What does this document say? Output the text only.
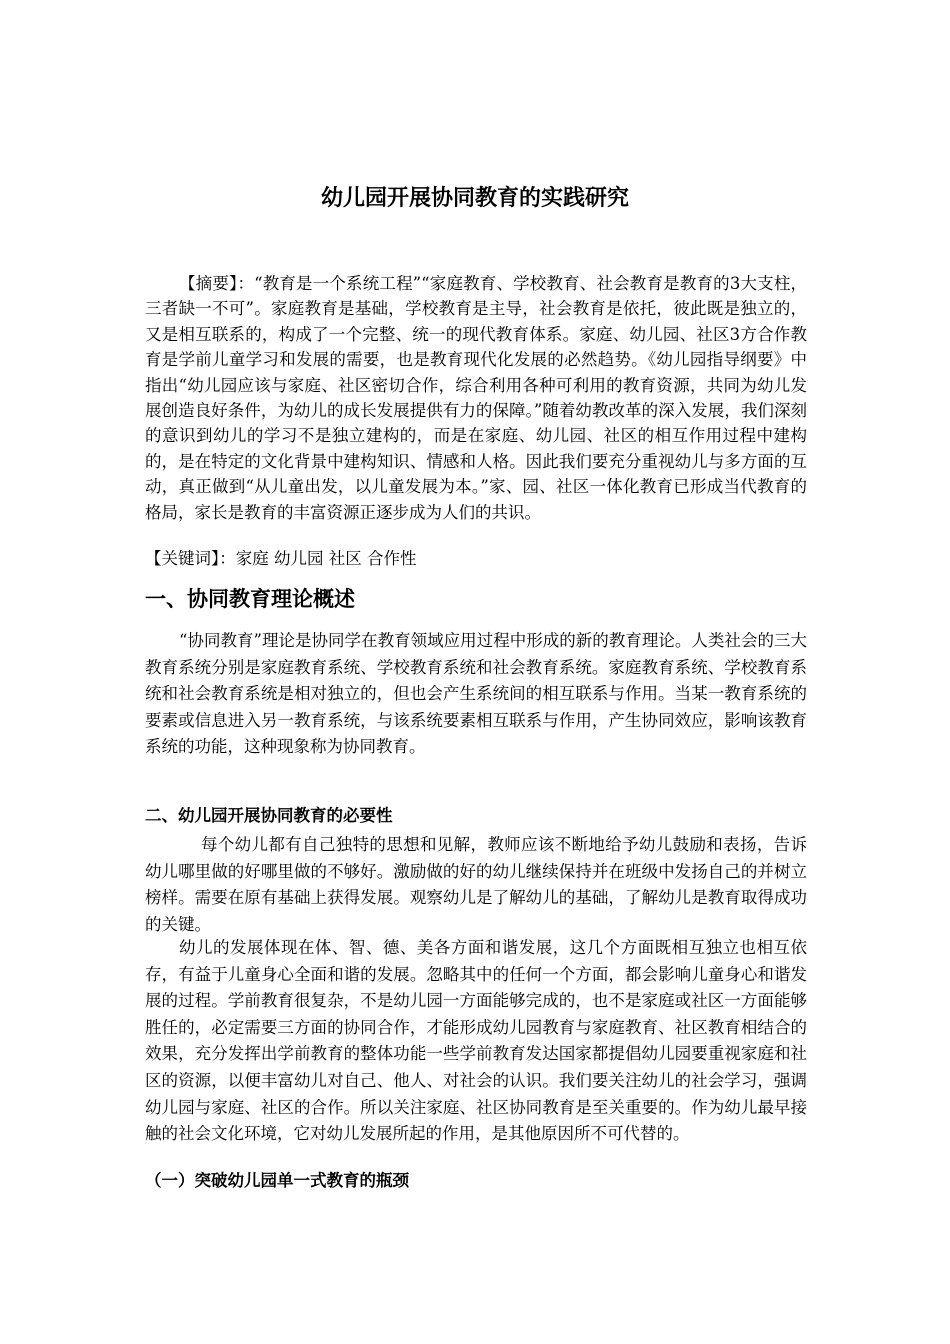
幼儿园开展协同教育的实践研究

【摘要】：“教育是一个系统工程”“家庭教育、学校教育、社会教育是教育的3大支柱，三者缺一不可”。家庭教育是基础，学校教育是主导，社会教育是依托，彼此既是独立的，又是相互联系的，构成了一个完整、统一的现代教育体系。家庭、幼儿园、社区3方合作教育是学前儿童学习和发展的需要，也是教育现代化发展的必然趋势。《幼儿园指导纲要》中指出“幼儿园应该与家庭、社区密切合作，综合利用各种可利用的教育资源，共同为幼儿发展创造良好条件，为幼儿的成长发展提供有力的保障。”随着幼教改革的深入发展，我们深刻的意识到幼儿的学习不是独立建构的，而是在家庭、幼儿园、社区的相互作用过程中建构的，是在特定的文化背景中建构知识、情感和人格。因此我们要充分重视幼儿与多方面的互动，真正做到“从儿童出发，以儿童发展为本。”家、园、社区一体化教育已形成当代教育的格局，家长是教育的丰富资源正逐步成为人们的共识。

【关键词】：家庭 幼儿园 社区 合作性

一、协同教育理论概述

“协同教育”理论是协同学在教育领域应用过程中形成的新的教育理论。人类社会的三大教育系统分别是家庭教育系统、学校教育系统和社会教育系统。家庭教育系统、学校教育系统和社会教育系统是相对独立的，但也会产生系统间的相互联系与作用。当某一教育系统的要素或信息进入另一教育系统，与该系统要素相互联系与作用，产生协同效应，影响该教育系统的功能，这种现象称为协同教育。

二、幼儿园开展协同教育的必要性

每个幼儿都有自己独特的思想和见解，教师应该不断地给予幼儿鼓励和表扬，告诉幼儿哪里做的好哪里做的不够好。激励做的好的幼儿继续保持并在班级中发扬自己的并树立榜样。需要在原有基础上获得发展。观察幼儿是了解幼儿的基础，了解幼儿是教育取得成功的关键。

幼儿的发展体现在体、智、德、美各方面和谐发展，这几个方面既相互独立也相互依存，有益于儿童身心全面和谐的发展。忽略其中的任何一个方面，都会影响儿童身心和谐发展的过程。学前教育很复杂，不是幼儿园一方面能够完成的，也不是家庭或社区一方面能够胜任的，必定需要三方面的协同合作，才能形成幼儿园教育与家庭教育、社区教育相结合的效果，充分发挥出学前教育的整体功能一些学前教育发达国家都提倡幼儿园要重视家庭和社区的资源，以便丰富幼儿对自己、他人、对社会的认识。我们要关注幼儿的社会学习，强调幼儿园与家庭、社区的合作。所以关注家庭、社区协同教育是至关重要的。作为幼儿最早接触的社会文化环境，它对幼儿发展所起的作用，是其他原因所不可代替的。

（一）突破幼儿园单一式教育的瓶颈
